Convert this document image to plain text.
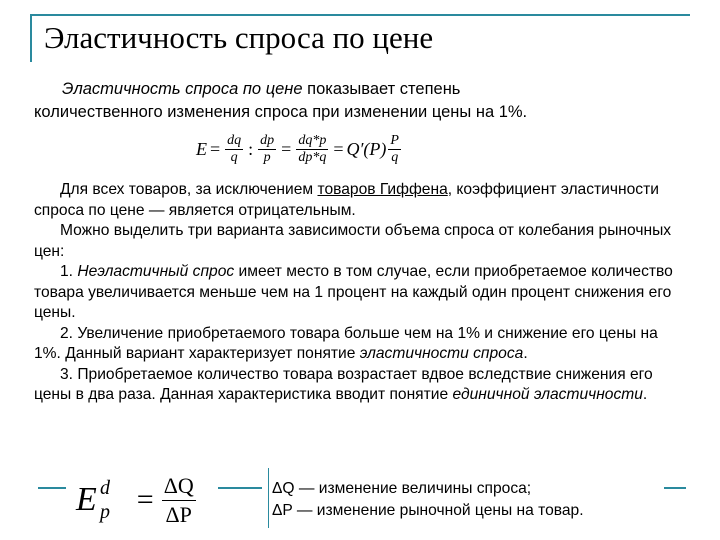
Эластичность спроса по цене
Эластичность спроса по цене показывает степень
количественного изменения спроса при изменении цены на 1%.
$E = \frac{dq}{q}$ : $\frac{dp}{p} = \frac{dq*p}{dp*q} = Q'(P) \frac{P}{q}$

Для всех товаров, за исключением товаров Гиффена, коэффициент эластичности спроса по цене — является отрицательным.

Можно выделить три варианта зависимости объема спроса от колебания рыночных цен:

1. Неэластичный спрос имеет место в том случае, если приобретаемое количество товара увеличивается меньше чем на 1 процент на каждый один процент снижения его цены.

2. Увеличение приобретаемого товара больше чем на 1% и снижение его цены на 1%. Данный вариант характеризует понятие эластичности спроса.

3. Приобретаемое количество товара возрастает вдвое вследствие снижения его цены в два раза. Данная характеристика вводит понятие единичной эластичности.

E d
$p = \frac{\Delta Q}{\Delta P}$	ΔQ — изменение величины спроса;
ΔP — изменение рыночной цены на товар.
